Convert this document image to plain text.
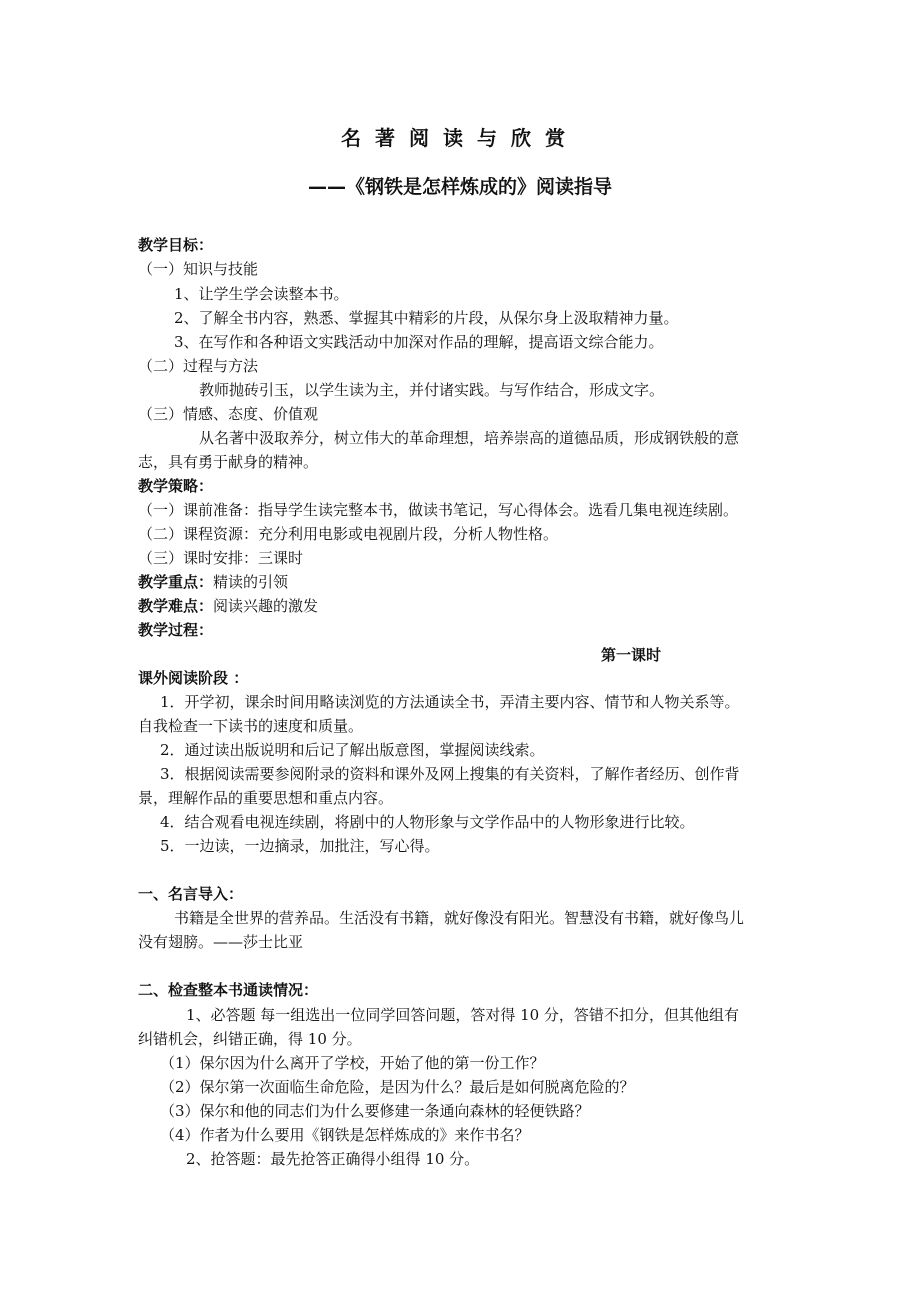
名著阅读与欣赏
——《钢铁是怎样炼成的》阅读指导
教学目标：
（一）知识与技能
1、让学生学会读整本书。
2、了解全书内容，熟悉、掌握其中精彩的片段，从保尔身上汲取精神力量。
3、在写作和各种语文实践活动中加深对作品的理解，提高语文综合能力。
（二）过程与方法
教师抛砖引玉，以学生读为主，并付诸实践。与写作结合，形成文字。
（三）情感、态度、价值观
从名著中汲取养分，树立伟大的革命理想，培养崇高的道德品质，形成钢铁般的意
志，具有勇于献身的精神。
教学策略：
（一）课前准备：指导学生读完整本书，做读书笔记，写心得体会。选看几集电视连续剧。
（二）课程资源：充分利用电影或电视剧片段，分析人物性格。
（三）课时安排：三课时
教学重点：精读的引领
教学难点：阅读兴趣的激发
教学过程：
第一课时
课外阅读阶段 ：
1．开学初，课余时间用略读浏览的方法通读全书，弄清主要内容、情节和人物关系等。
自我检查一下读书的速度和质量。
2．通过读出版说明和后记了解出版意图，掌握阅读线索。
3．根据阅读需要参阅附录的资料和课外及网上搜集的有关资料，了解作者经历、创作背
景，理解作品的重要思想和重点内容。
4．结合观看电视连续剧，将剧中的人物形象与文学作品中的人物形象进行比较。
5．一边读，一边摘录，加批注，写心得。
一、名言导入：
书籍是全世界的营养品。生活没有书籍，就好像没有阳光。智慧没有书籍，就好像鸟儿
没有翅膀。——莎士比亚
二、检查整本书通读情况：
1、必答题 每一组选出一位同学回答问题，答对得 10 分，答错不扣分，但其他组有
纠错机会，纠错正确，得 10 分。
（1）保尔因为什么离开了学校，开始了他的第一份工作？
（2）保尔第一次面临生命危险，是因为什么？最后是如何脱离危险的？
（3）保尔和他的同志们为什么要修建一条通向森林的轻便铁路？
（4）作者为什么要用《钢铁是怎样炼成的》来作书名？
2、抢答题：最先抢答正确得小组得 10 分。
